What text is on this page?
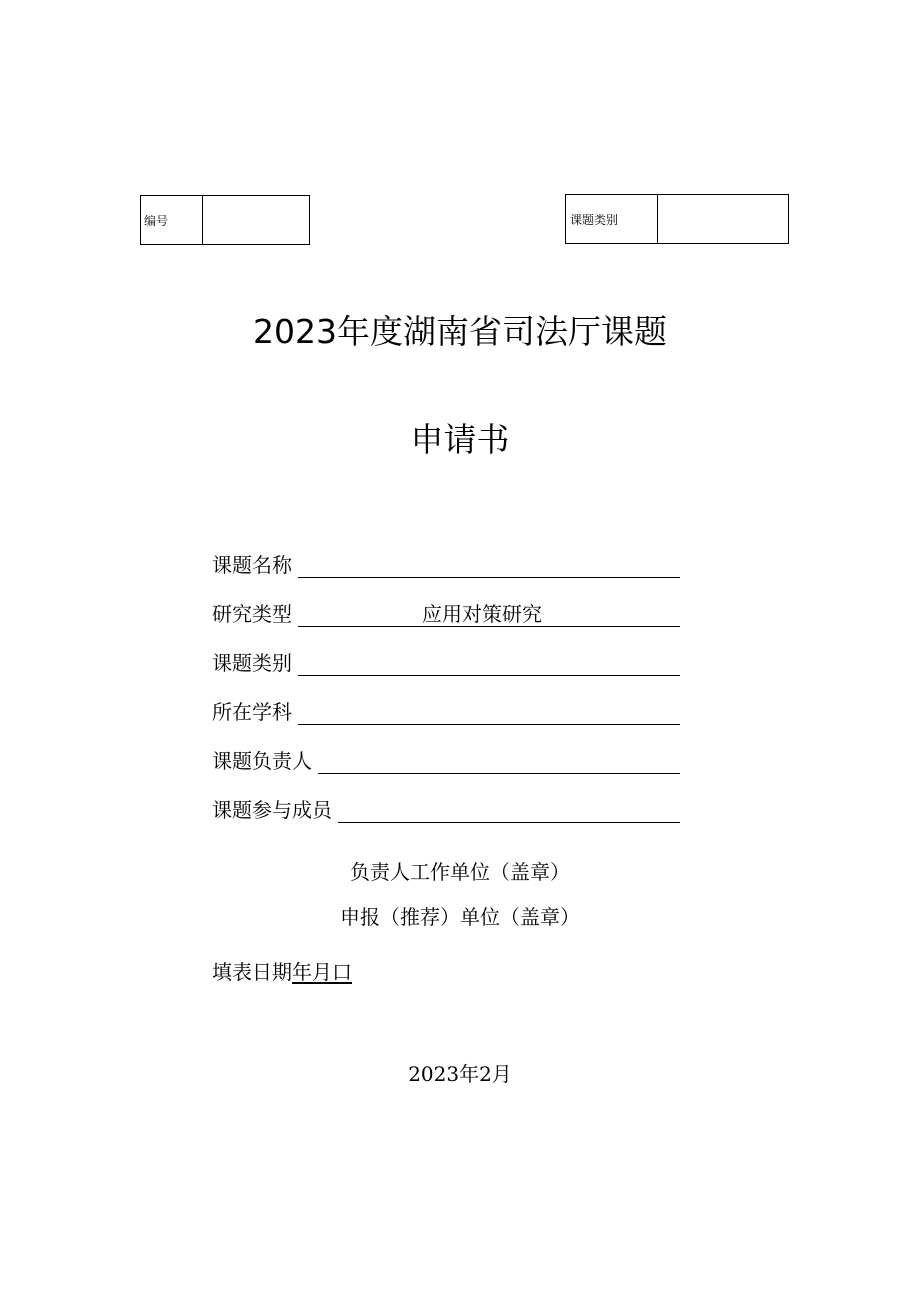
编号	课题类别
2023年度湖南省司法厅课题
申请书
课题名称
研究类型	应用对策研究
课题类别
所在学科
课题负责人
课题参与成员
负责人工作单位（盖章）
申报（推荐）单位（盖章）
填表日期年月口
2023年2月
